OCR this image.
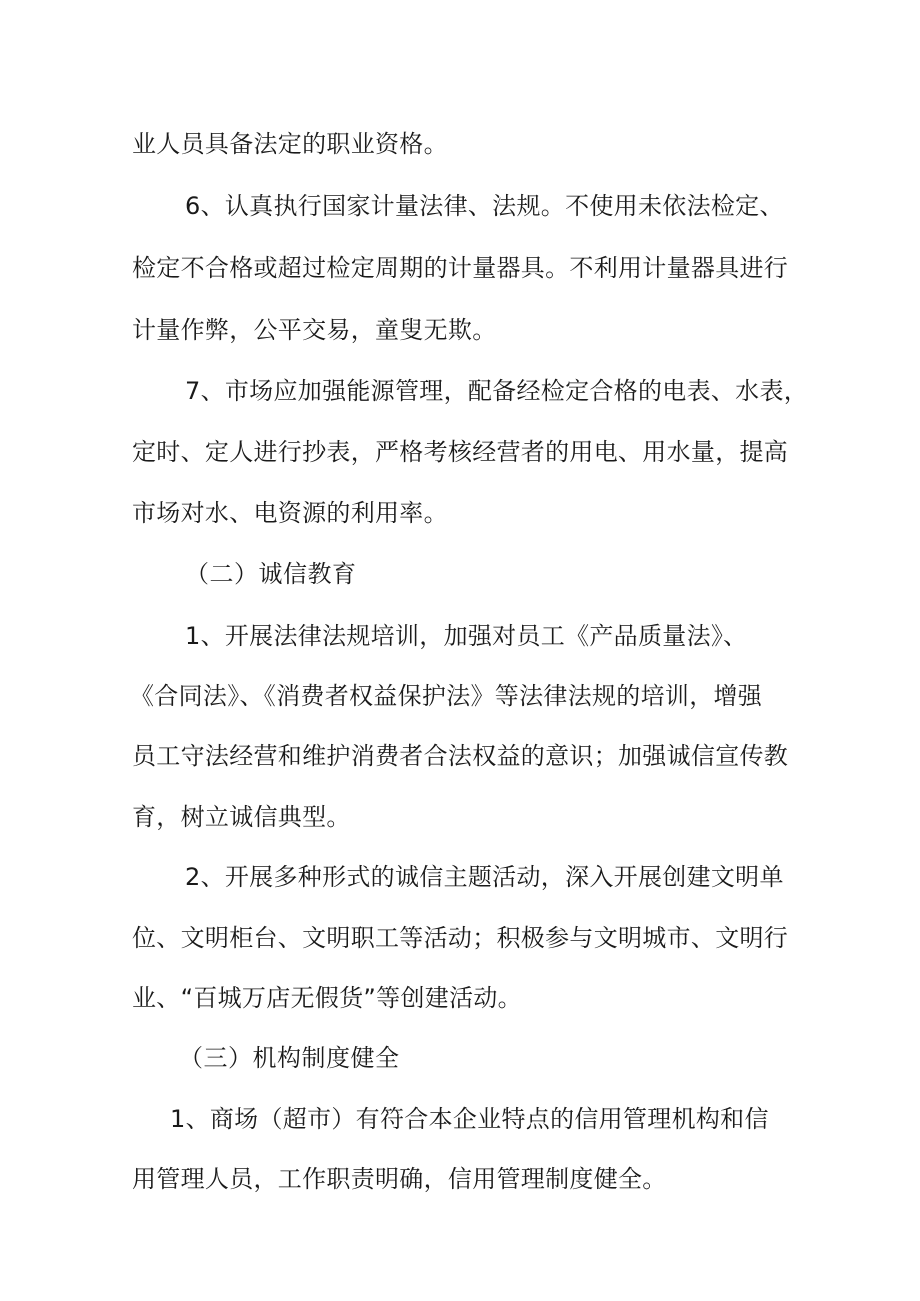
业人员具备法定的职业资格。
6、认真执行国家计量法律、法规。不使用未依法检定、
检定不合格或超过检定周期的计量器具。不利用计量器具进行
计量作弊，公平交易，童叟无欺。
7、市场应加强能源管理，配备经检定合格的电表、水表，
定时、定人进行抄表，严格考核经营者的用电、用水量，提高
市场对水、电资源的利用率。
（二）诚信教育
1、开展法律法规培训，加强对员工《产品质量法》、
《合同法》、《消费者权益保护法》等法律法规的培训，增强
员工守法经营和维护消费者合法权益的意识；加强诚信宣传教
育，树立诚信典型。
2、开展多种形式的诚信主题活动，深入开展创建文明单
位、文明柜台、文明职工等活动；积极参与文明城市、文明行
业、“百城万店无假货”等创建活动。
（三）机构制度健全
1、商场（超市）有符合本企业特点的信用管理机构和信
用管理人员，工作职责明确，信用管理制度健全。
